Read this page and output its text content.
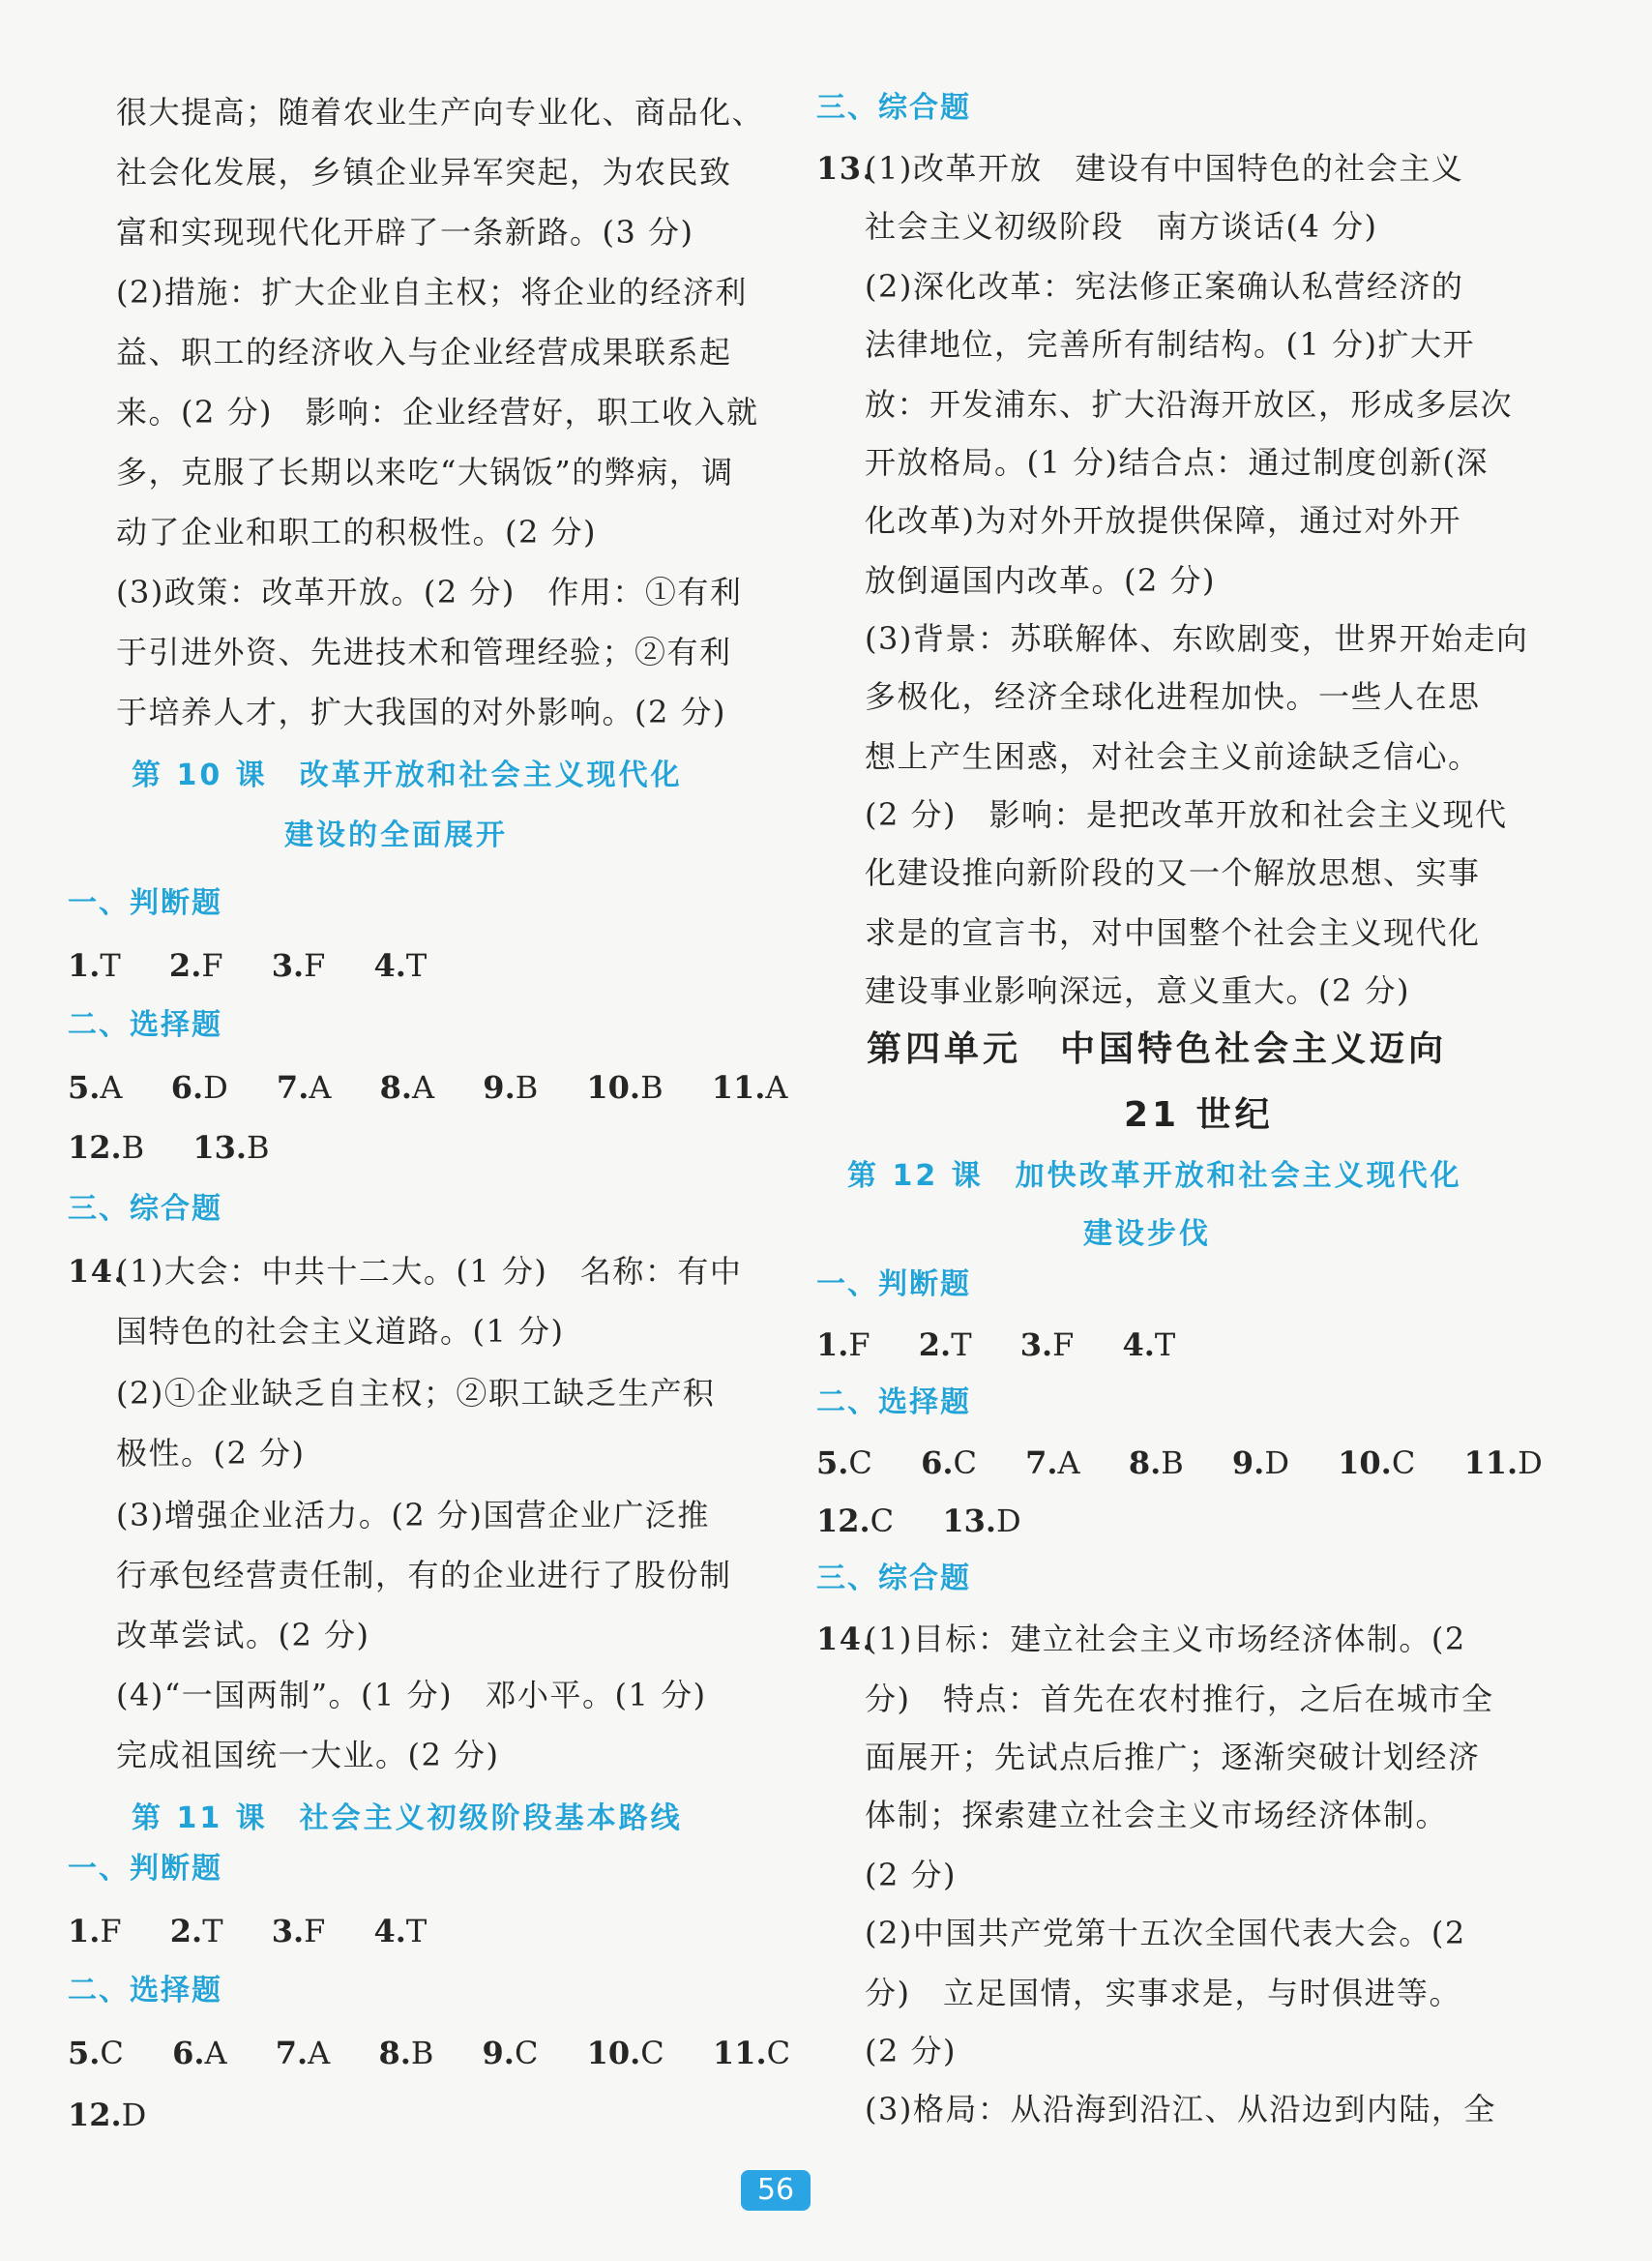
很大提高；随着农业生产向专业化、商品化、
社会化发展，乡镇企业异军突起，为农民致
富和实现现代化开辟了一条新路。(3 分)
(2)措施：扩大企业自主权；将企业的经济利
益、职工的经济收入与企业经营成果联系起
来。(2 分)　影响：企业经营好，职工收入就
多，克服了长期以来吃“大锅饭”的弊病，调
动了企业和职工的积极性。(2 分)
(3)政策：改革开放。(2 分)　作用：①有利
于引进外资、先进技术和管理经验；②有利
于培养人才，扩大我国的对外影响。(2 分)
第 10 课　改革开放和社会主义现代化
建设的全面展开
一、判断题
1.T 2.F 3.F 4.T
二、选择题
5.A 6.D 7.A 8.A 9.B 10.B 11.A
12.B 13.B
三、综合题
14.
(1)大会：中共十二大。(1 分)　名称：有中
国特色的社会主义道路。(1 分)
(2)①企业缺乏自主权；②职工缺乏生产积
极性。(2 分)
(3)增强企业活力。(2 分)国营企业广泛推
行承包经营责任制，有的企业进行了股份制
改革尝试。(2 分)
(4)“一国两制”。(1 分)　邓小平。(1 分)
完成祖国统一大业。(2 分)
第 11 课　社会主义初级阶段基本路线
一、判断题
1.F 2.T 3.F 4.T
二、选择题
5.C 6.A 7.A 8.B 9.C 10.C 11.C
12.D
三、综合题
13.
(1)改革开放　建设有中国特色的社会主义
社会主义初级阶段　南方谈话(4 分)
(2)深化改革：宪法修正案确认私营经济的
法律地位，完善所有制结构。(1 分)扩大开
放：开发浦东、扩大沿海开放区，形成多层次
开放格局。(1 分)结合点：通过制度创新(深
化改革)为对外开放提供保障，通过对外开
放倒逼国内改革。(2 分)
(3)背景：苏联解体、东欧剧变，世界开始走向
多极化，经济全球化进程加快。一些人在思
想上产生困惑，对社会主义前途缺乏信心。
(2 分)　影响：是把改革开放和社会主义现代
化建设推向新阶段的又一个解放思想、实事
求是的宣言书，对中国整个社会主义现代化
建设事业影响深远，意义重大。(2 分)
第四单元　中国特色社会主义迈向
21 世纪
第 12 课　加快改革开放和社会主义现代化
建设步伐
一、判断题
1.F 2.T 3.F 4.T
二、选择题
5.C 6.C 7.A 8.B 9.D 10.C 11.D
12.C 13.D
三、综合题
14.
(1)目标：建立社会主义市场经济体制。(2
分)　特点：首先在农村推行，之后在城市全
面展开；先试点后推广；逐渐突破计划经济
体制；探索建立社会主义市场经济体制。
(2 分)
(2)中国共产党第十五次全国代表大会。(2
分)　立足国情，实事求是，与时俱进等。
(2 分)
(3)格局：从沿海到沿江、从沿边到内陆，全
56
